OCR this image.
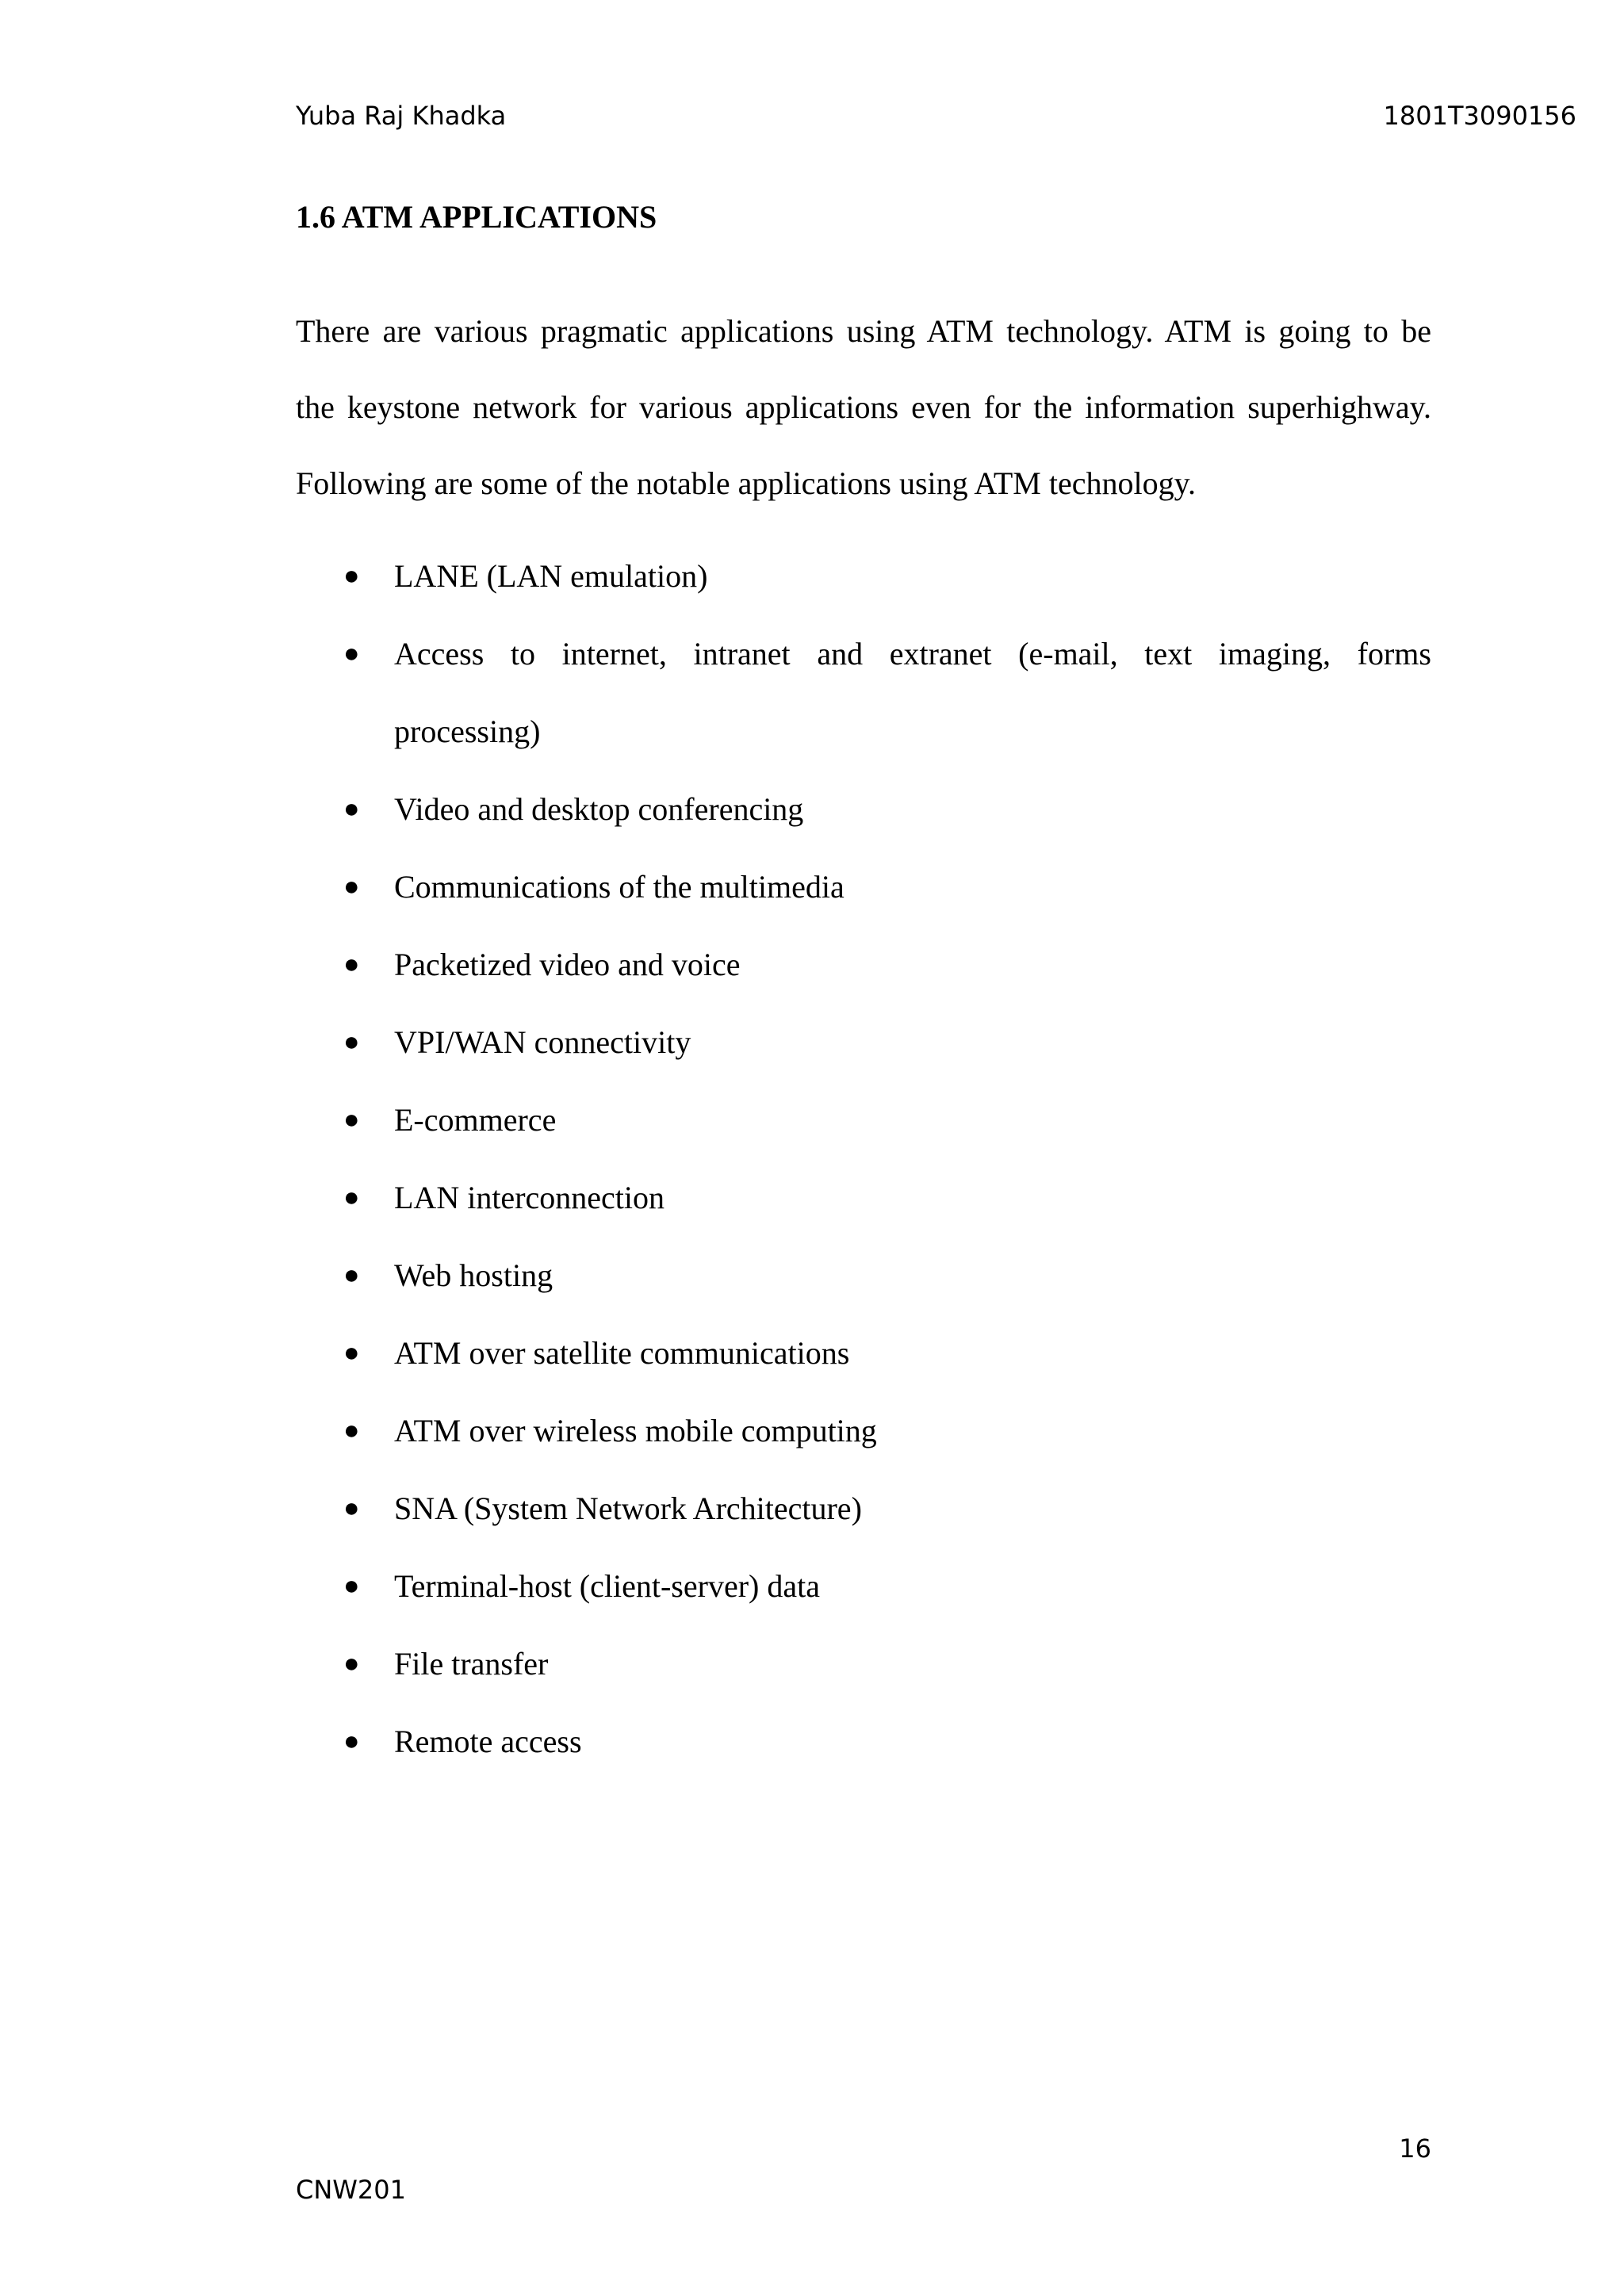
Yuba Raj Khadka	1801T3090156
1.6 ATM APPLICATIONS

There are various pragmatic applications using ATM technology. ATM is going to be
the keystone network for various applications even for the information superhighway.
Following are some of the notable applications using ATM technology.

● LANE (LAN emulation)
● Access to internet, intranet and extranet (e-mail, text imaging, forms
processing)
● Video and desktop conferencing
● Communications of the multimedia
● Packetized video and voice
● VPI/WAN connectivity
● E-commerce
● LAN interconnection
● Web hosting
● ATM over satellite communications
● ATM over wireless mobile computing
● SNA (System Network Architecture)
● Terminal-host (client-server) data
● File transfer
● Remote access
16
CNW201
